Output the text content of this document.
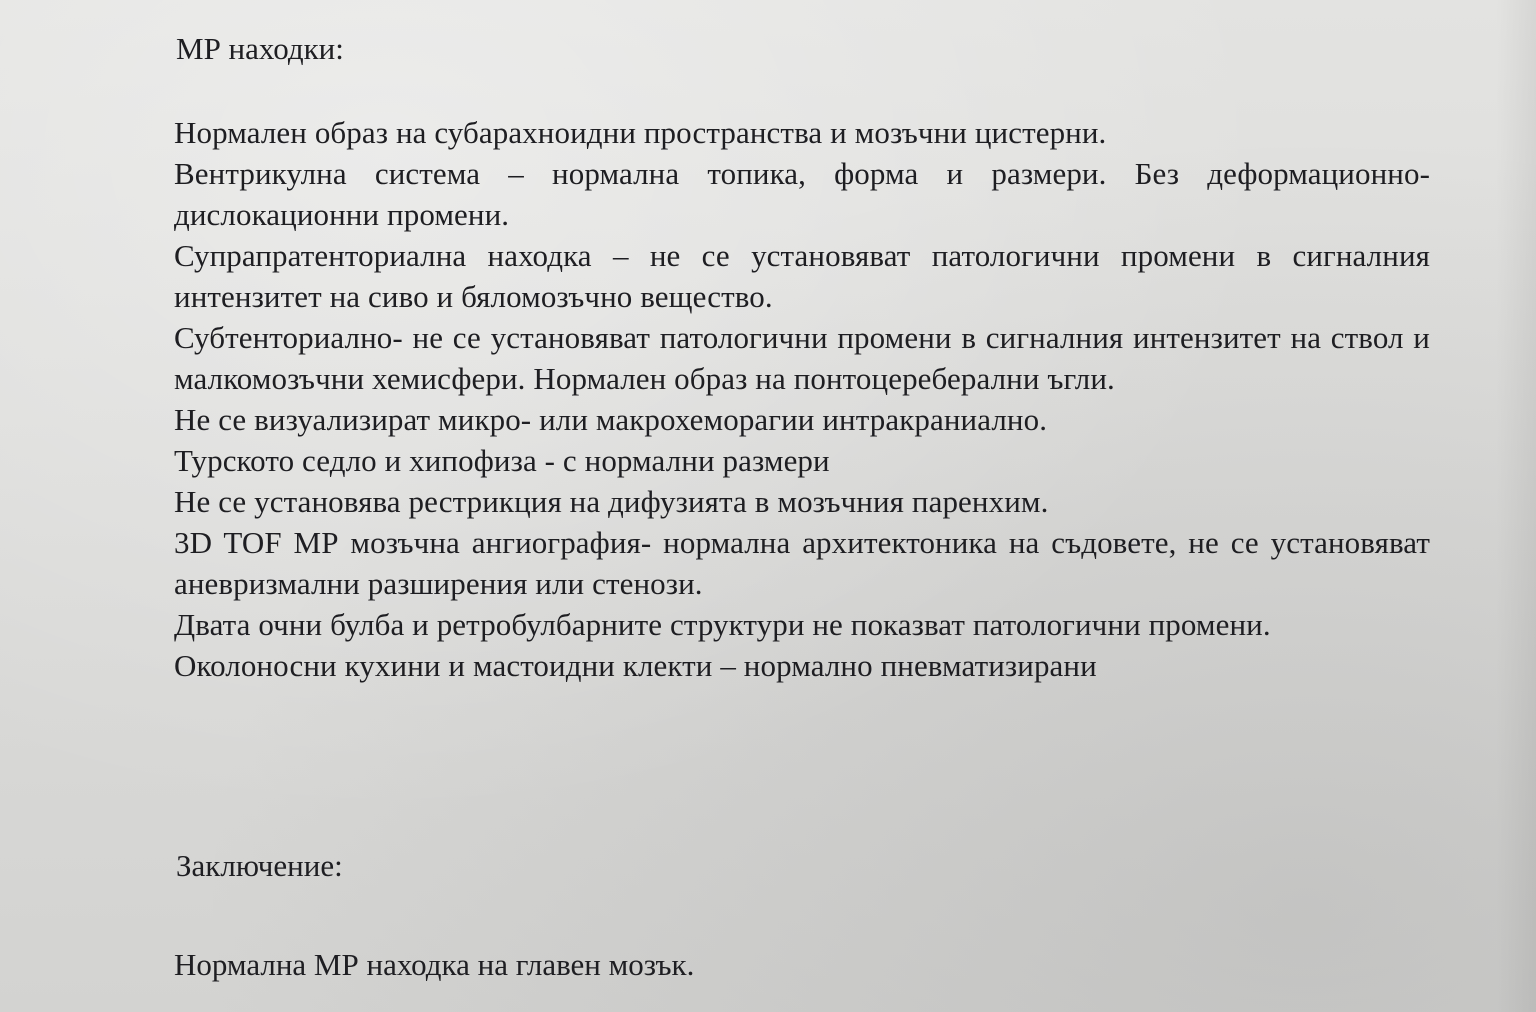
МР находки:

Нормален образ на субарахноидни пространства и мозъчни цистерни.

Вентрикулна система – нормална топика, форма и размери. Без деформационно-дислокационни промени.

Супрапратенториална находка – не се установяват патологични промени в сигналния интензитет на сиво и бяломозъчно вещество.

Субтенториално- не се установяват патологични промени в сигналния интензитет на ствол и малкомозъчни хемисфери. Нормален образ на понтоцереберални ъгли.

Не се визуализират микро- или макрохеморагии интракраниално.

Турското седло и хипофиза - с нормални размери

Не се установява рестрикция на дифузията в мозъчния паренхим.

3D TOF МР мозъчна ангиография- нормална архитектоника на съдовете, не се установяват аневризмални разширения или стенози.

Двата очни булба и ретробулбарните структури не показват патологични промени.

Околоносни кухини и мастоидни клекти – нормално пневматизирани

Заключение:
Нормална МР находка на главен мозък.
